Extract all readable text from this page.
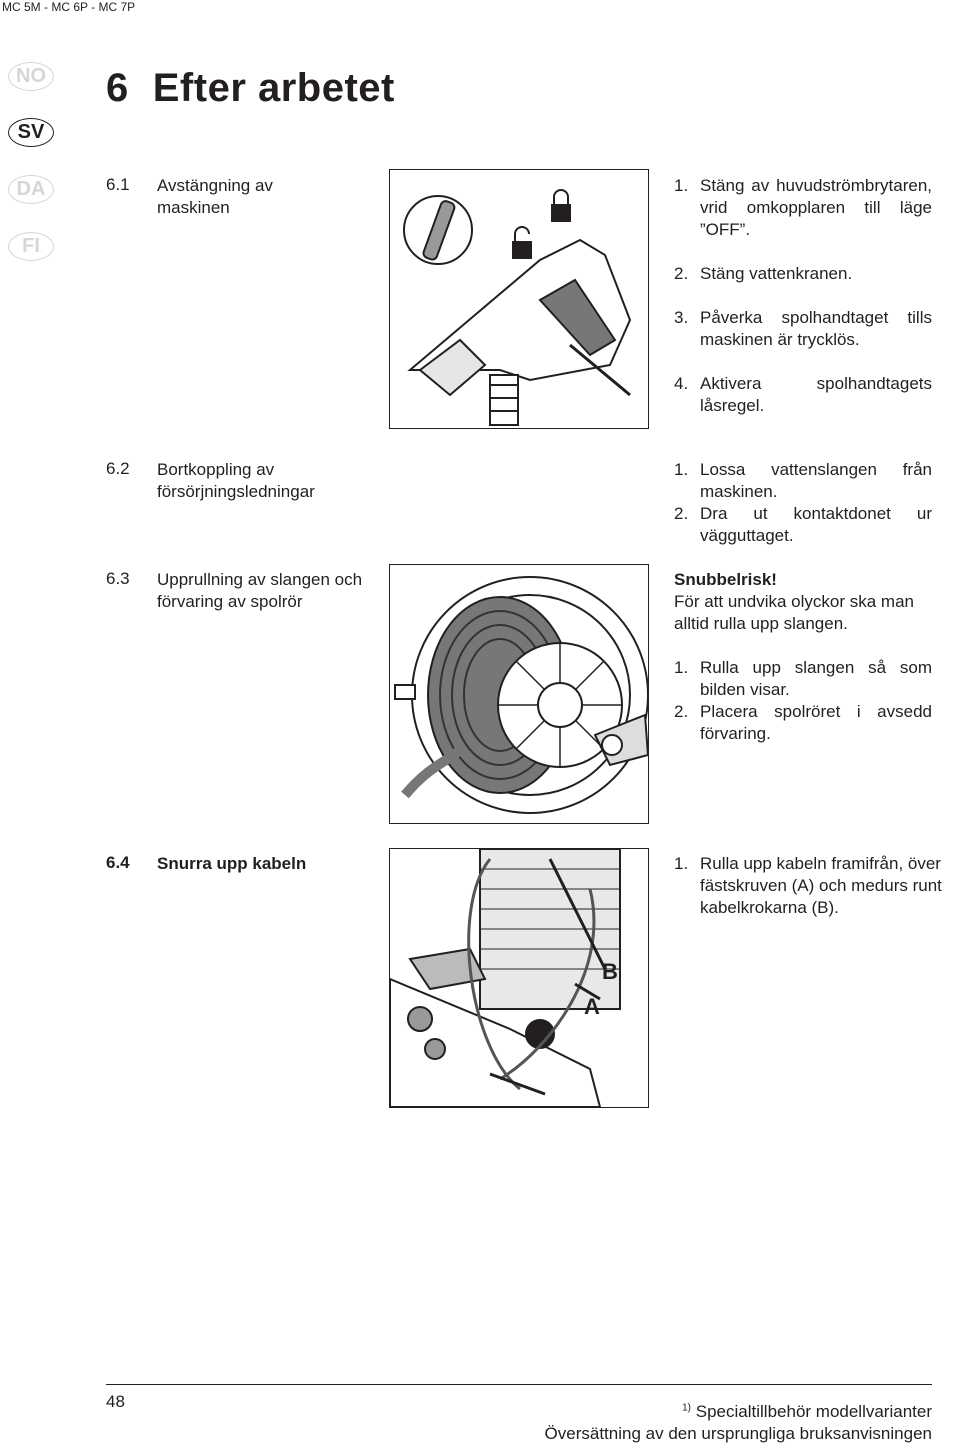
MC 5M - MC 6P - MC 7P
NO
SV
DA
FI
6 Efter arbetet
6.1 Avstängning av maskinen
1. Stäng av huvudströmbrytaren, vrid omkopplaren till läge ”OFF”.
2. Stäng vattenkranen.
3. Påverka spolhandtaget tills maskinen är trycklös.
4. Aktivera spolhandtagets låsregel.
6.2 Bortkoppling av försörjningsledningar
1. Lossa vattenslangen från maskinen.
2. Dra ut kontaktdonet ur vägguttaget.
6.3 Upprullning av slangen och förvaring av spolrör
Snubbelrisk!
För att undvika olyckor ska man alltid rulla upp slangen.
1. Rulla upp slangen så som bilden visar.
2. Placera spolröret i avsedd förvaring.
6.4 Snurra upp kabeln
B
A
1. Rulla upp kabeln framifrån, över fästskruven (A) och medurs runt kabelkrokarna (B).
48	$^{1)}$ Specialtillbehör modellvarianter
Översättning av den ursprungliga bruksanvisningen
